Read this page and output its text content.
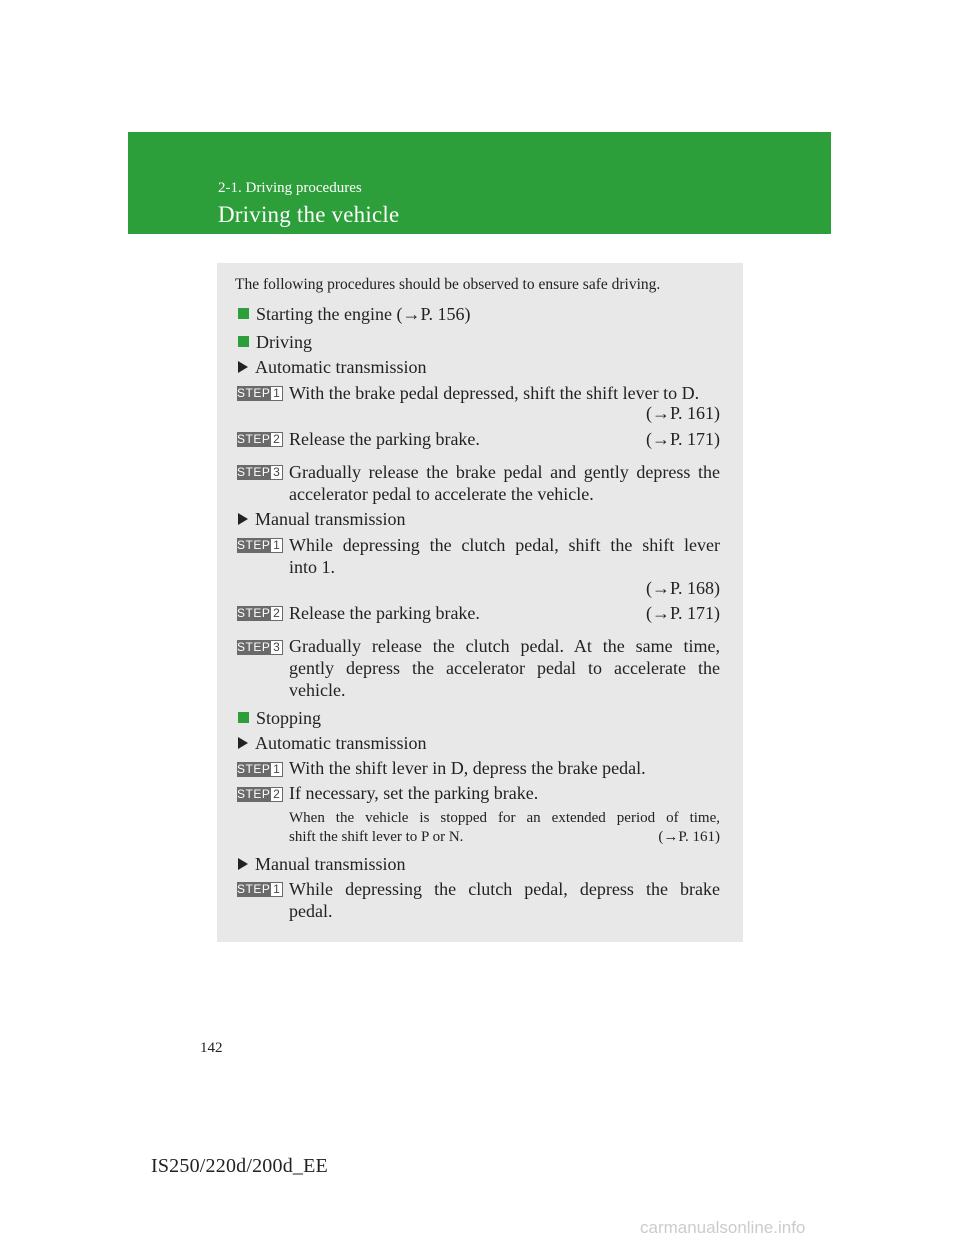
2-1. Driving procedures
Driving the vehicle
The following procedures should be observed to ensure safe driving.
Starting the engine (→P. 156)
Driving
Automatic transmission
STEP 1 With the brake pedal depressed, shift the shift lever to D.
(→P. 161)
STEP 2 Release the parking brake.	(→P. 171)
STEP 3 Gradually release the brake pedal and gently depress the
accelerator pedal to accelerate the vehicle.
Manual transmission
STEP 1 While depressing the clutch pedal, shift the shift lever
into 1.
(→P. 168)
STEP 2 Release the parking brake.	(→P. 171)
STEP 3 Gradually release the clutch pedal. At the same time,
gently depress the accelerator pedal to accelerate the
vehicle.
Stopping
Automatic transmission
STEP 1 With the shift lever in D, depress the brake pedal.
STEP 2 If necessary, set the parking brake.
When the vehicle is stopped for an extended period of time,
shift the shift lever to P or N.	(→P. 161)
Manual transmission
STEP 1 While depressing the clutch pedal, depress the brake
pedal.
142
IS250/220d/200d_EE
carmanualsonline.info
